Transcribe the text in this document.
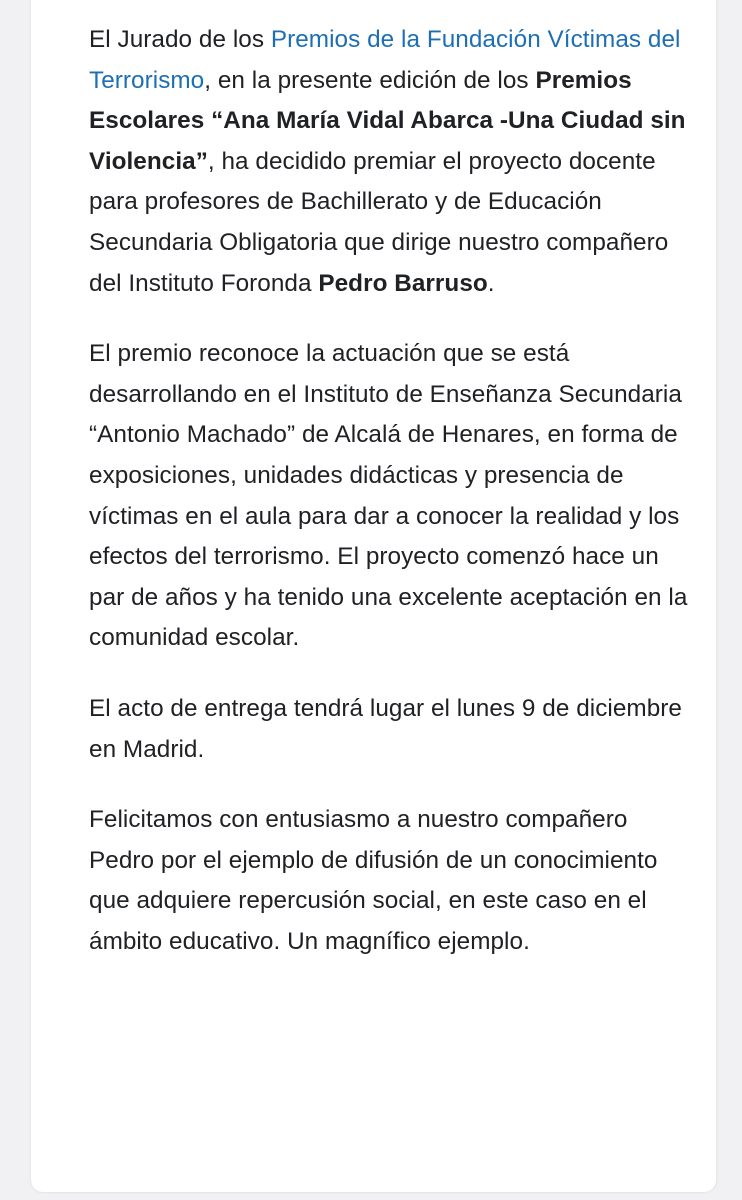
El Jurado de los Premios de la Fundación Víctimas del Terrorismo, en la presente edición de los Premios Escolares “Ana María Vidal Abarca -Una Ciudad sin Violencia”, ha decidido premiar el proyecto docente para profesores de Bachillerato y de Educación Secundaria Obligatoria que dirige nuestro compañero del Instituto Foronda Pedro Barruso.

El premio reconoce la actuación que se está desarrollando en el Instituto de Enseñanza Secundaria “Antonio Machado” de Alcalá de Henares, en forma de exposiciones, unidades didácticas y presencia de víctimas en el aula para dar a conocer la realidad y los efectos del terrorismo. El proyecto comenzó hace un par de años y ha tenido una excelente aceptación en la comunidad escolar.

El acto de entrega tendrá lugar el lunes 9 de diciembre en Madrid.

Felicitamos con entusiasmo a nuestro compañero Pedro por el ejemplo de difusión de un conocimiento que adquiere repercusión social, en este caso en el ámbito educativo. Un magnífico ejemplo.
